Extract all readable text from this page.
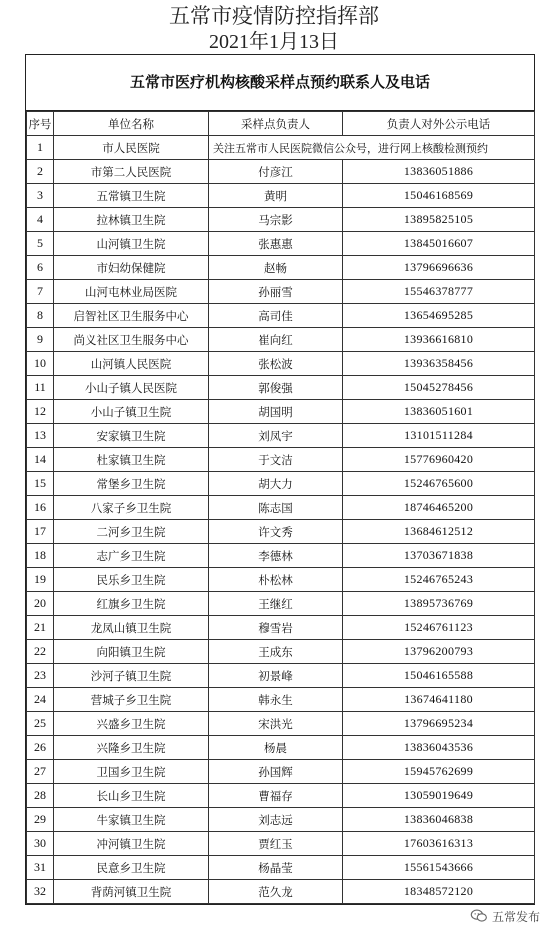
五常市疫情防控指挥部
2021年1月13日
五常市医疗机构核酸采样点预约联系人及电话
序号	单位名称	采样点负责人	负责人对外公示电话
1	市人民医院	关注五常市人民医院微信公众号，进行网上核酸检测预约	
2	市第二人民医院	付彦江	13836051886
3	五常镇卫生院	黄明	15046168569
4	拉林镇卫生院	马宗影	13895825105
5	山河镇卫生院	张惠惠	13845016607
6	市妇幼保健院	赵畅	13796696636
7	山河屯林业局医院	孙丽雪	15546378777
8	启智社区卫生服务中心	高司佳	13654695285
9	尚义社区卫生服务中心	崔向红	13936616810
10	山河镇人民医院	张松波	13936358456
11	小山子镇人民医院	郭俊强	15045278456
12	小山子镇卫生院	胡国明	13836051601
13	安家镇卫生院	刘凤宇	13101511284
14	杜家镇卫生院	于文洁	15776960420
15	常堡乡卫生院	胡大力	15246765600
16	八家子乡卫生院	陈志国	18746465200
17	二河乡卫生院	许文秀	13684612512
18	志广乡卫生院	李德林	13703671838
19	民乐乡卫生院	朴松林	15246765243
20	红旗乡卫生院	王继红	13895736769
21	龙凤山镇卫生院	穆雪岩	15246761123
22	向阳镇卫生院	王成东	13796200793
23	沙河子镇卫生院	初景峰	15046165588
24	营城子乡卫生院	韩永生	13674641180
25	兴盛乡卫生院	宋洪光	13796695234
26	兴隆乡卫生院	杨晨	13836043536
27	卫国乡卫生院	孙国辉	15945762699
28	长山乡卫生院	曹福存	13059019649
29	牛家镇卫生院	刘志远	13836046838
30	冲河镇卫生院	贾红玉	17603616313
31	民意乡卫生院	杨晶莹	15561543666
32	背荫河镇卫生院	范久龙	18348572120
五常发布
